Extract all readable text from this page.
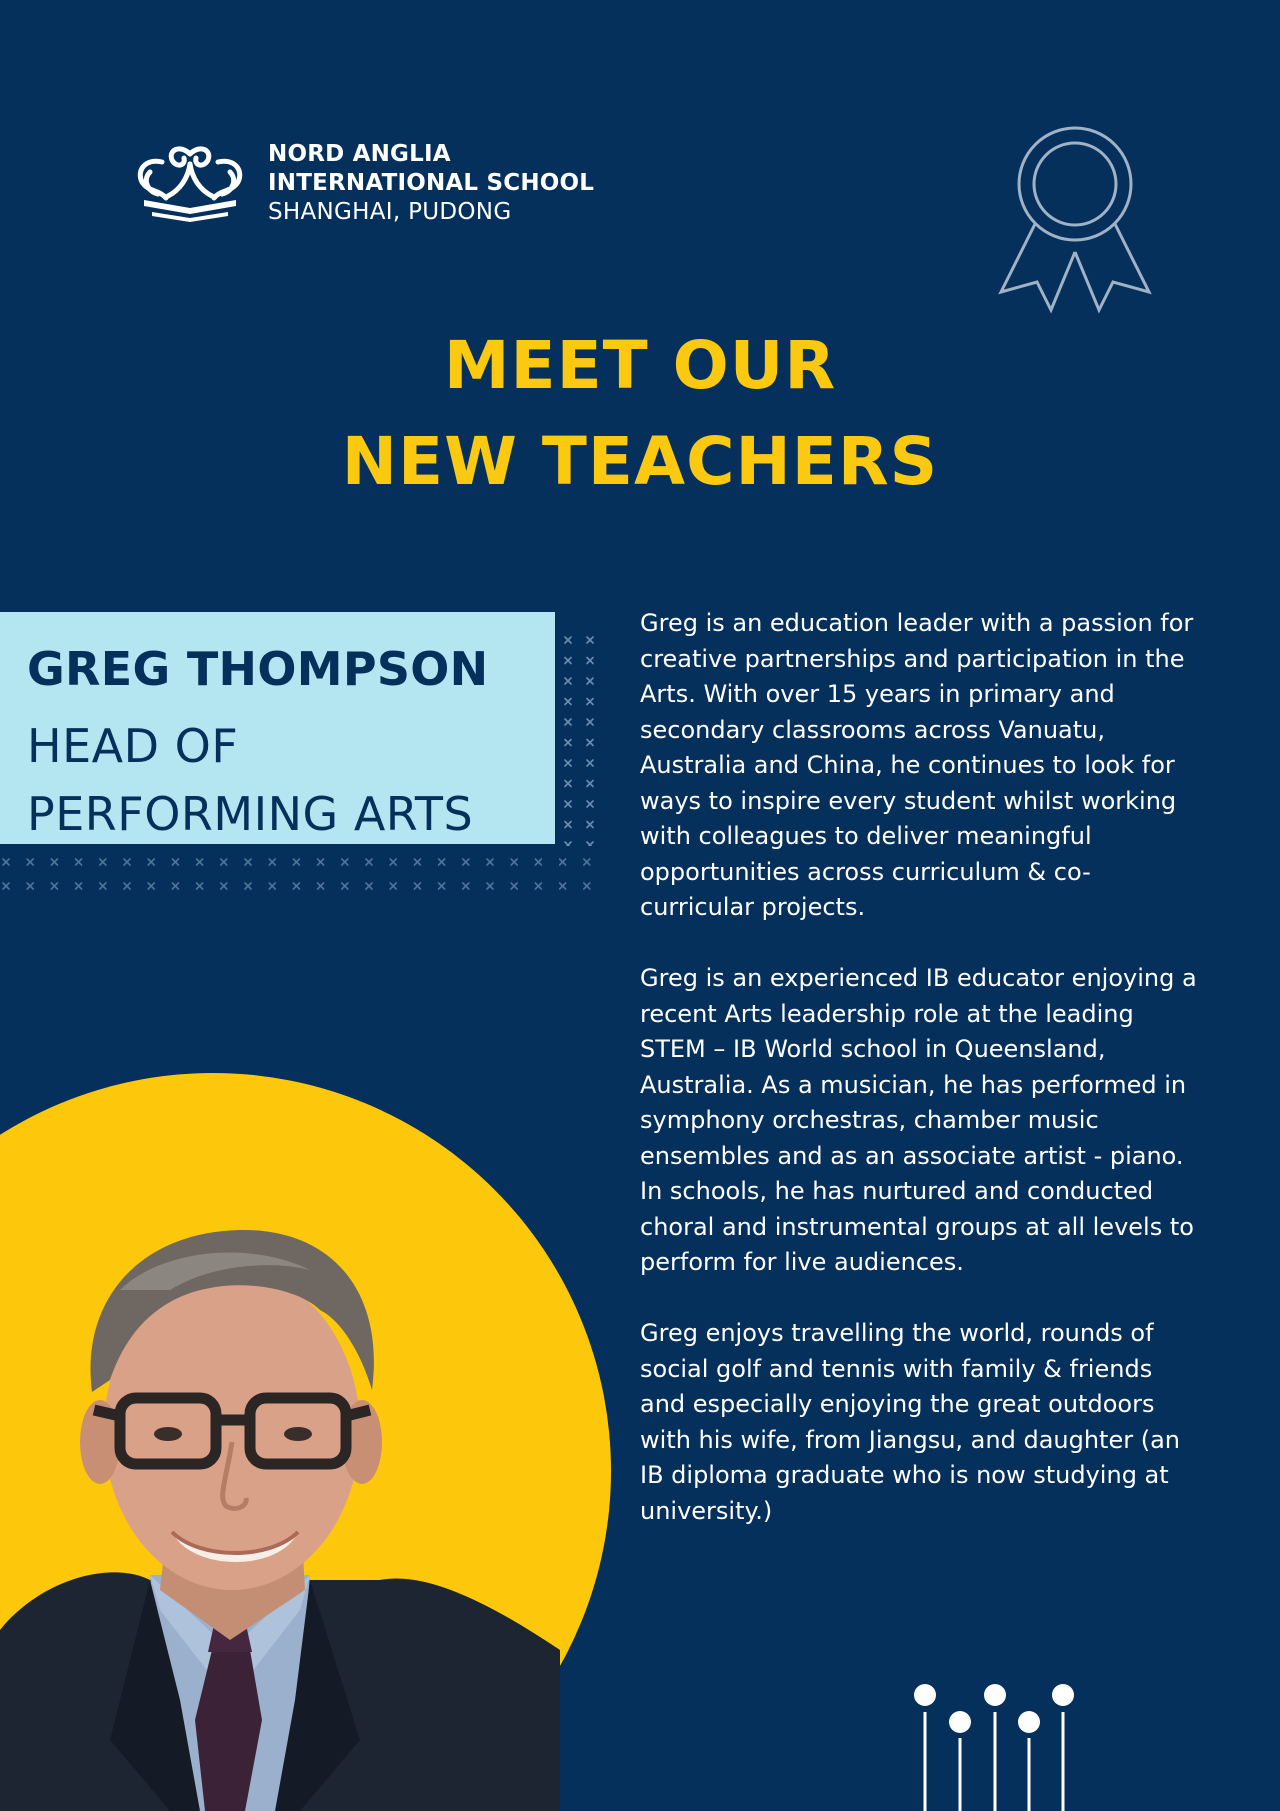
NORD ANGLIA
INTERNATIONAL SCHOOL
SHANGHAI, PUDONG
MEET OUR
NEW TEACHERS
GREG THOMPSON
HEAD OF
PERFORMING ARTS

Greg is an education leader with a passion for creative partnerships and participation in the Arts. With over 15 years in primary and secondary classrooms across Vanuatu, Australia and China, he continues to look for ways to inspire every student whilst working with colleagues to deliver meaningful opportunities across curriculum & co-curricular projects.

Greg is an experienced IB educator enjoying a recent Arts leadership role at the leading STEM – IB World school in Queensland, Australia. As a musician, he has performed in symphony orchestras, chamber music ensembles and as an associate artist - piano. In schools, he has nurtured and conducted choral and instrumental groups at all levels to perform for live audiences.

Greg enjoys travelling the world, rounds of social golf and tennis with family & friends and especially enjoying the great outdoors with his wife, from Jiangsu, and daughter (an IB diploma graduate who is now studying at university.)
